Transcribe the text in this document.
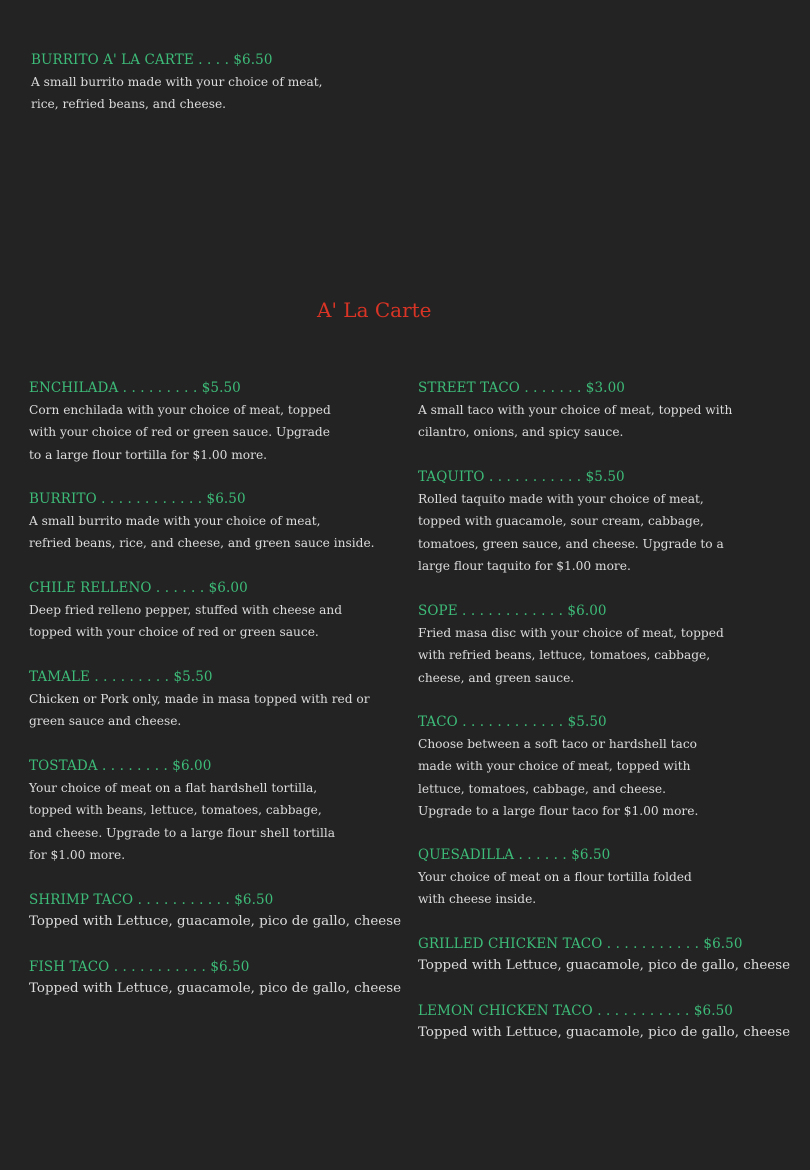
BURRITO A' LA CARTE . . . . $6.50
A small burrito made with your choice of meat,
rice, refried beans, and cheese.
A' La Carte
ENCHILADA . . . . . . . . . $5.50
Corn enchilada with your choice of meat, topped
with your choice of red or green sauce. Upgrade
to a large flour tortilla for $1.00 more.
BURRITO . . . . . . . . . . . . $6.50
A small burrito made with your choice of meat,
refried beans, rice, and cheese, and green sauce inside.
CHILE RELLENO . . . . . . $6.00
Deep fried relleno pepper, stuffed with cheese and
topped with your choice of red or green sauce.
TAMALE . . . . . . . . . $5.50
Chicken or Pork only, made in masa topped with red or
green sauce and cheese.
TOSTADA . . . . . . . . $6.00
Your choice of meat on a flat hardshell tortilla,
topped with beans, lettuce, tomatoes, cabbage,
and cheese. Upgrade to a large flour shell tortilla
for $1.00 more.
SHRIMP TACO . . . . . . . . . . . $6.50
Topped with Lettuce, guacamole, pico de gallo, cheese
FISH TACO . . . . . . . . . . . $6.50
Topped with Lettuce, guacamole, pico de gallo, cheese
STREET TACO . . . . . . . $3.00
A small taco with your choice of meat, topped with
cilantro, onions, and spicy sauce.
TAQUITO . . . . . . . . . . . $5.50
Rolled taquito made with your choice of meat,
topped with guacamole, sour cream, cabbage,
tomatoes, green sauce, and cheese. Upgrade to a
large flour taquito for $1.00 more.
SOPE . . . . . . . . . . . . $6.00
Fried masa disc with your choice of meat, topped
with refried beans, lettuce, tomatoes, cabbage,
cheese, and green sauce.
TACO . . . . . . . . . . . . $5.50
Choose between a soft taco or hardshell taco
made with your choice of meat, topped with
lettuce, tomatoes, cabbage, and cheese.
Upgrade to a large flour taco for $1.00 more.
QUESADILLA . . . . . . $6.50
Your choice of meat on a flour tortilla folded
with cheese inside.
GRILLED CHICKEN TACO . . . . . . . . . . . $6.50
Topped with Lettuce, guacamole, pico de gallo, cheese
LEMON CHICKEN TACO . . . . . . . . . . . $6.50
Topped with Lettuce, guacamole, pico de gallo, cheese
